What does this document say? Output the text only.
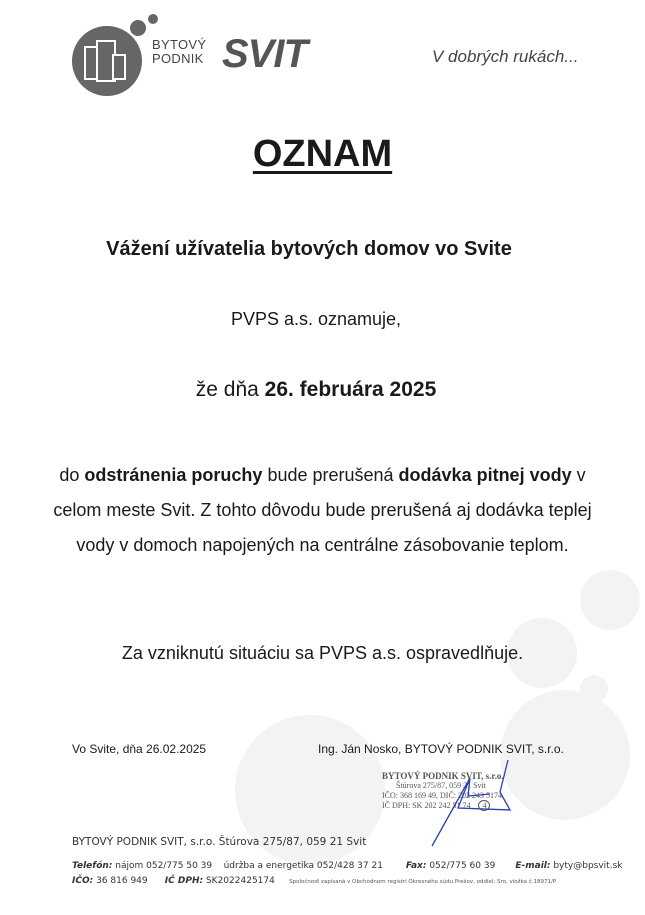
BYTOVÝ
PODNIK SVIT	V dobrých rukách...
OZNAM
Vážení užívatelia bytových domov vo Svite
PVPS a.s. oznamuje,
že dňa 26. februára 2025
do odstránenia poruchy bude prerušená dodávka pitnej vody v celom meste Svit. Z tohto dôvodu bude prerušená aj dodávka teplej vody v domoch napojených na centrálne zásobovanie teplom.
Za vzniknutú situáciu sa PVPS a.s. ospravedlňuje.
Vo Svite, dňa 26.02.2025	Ing. Ján Nosko, BYTOVÝ PODNIK SVIT, s.r.o.
BYTOVÝ PODNIK SVIT, s.r.o.
Štúrova 275/87, 059 21 Svit
IČO: 368 169 49, DIČ: 202 243 5174
IČ DPH: SK 202 242 51 74 4
BYTOVÝ PODNIK SVIT, s.r.o. Štúrova 275/87, 059 21 Svit
Telefón: nájom 052/775 50 39 údržba a energetika 052/428 37 21	Fax: 052/775 60 39 E-mail: byty@bpsvit.sk
IČO: 36 816 949 IČ DPH: SK2022425174	Spoločnosť zapísaná v Obchodnom registri Okresného súdu Prešov, oddiel: Sro, vložka č.18971/P
